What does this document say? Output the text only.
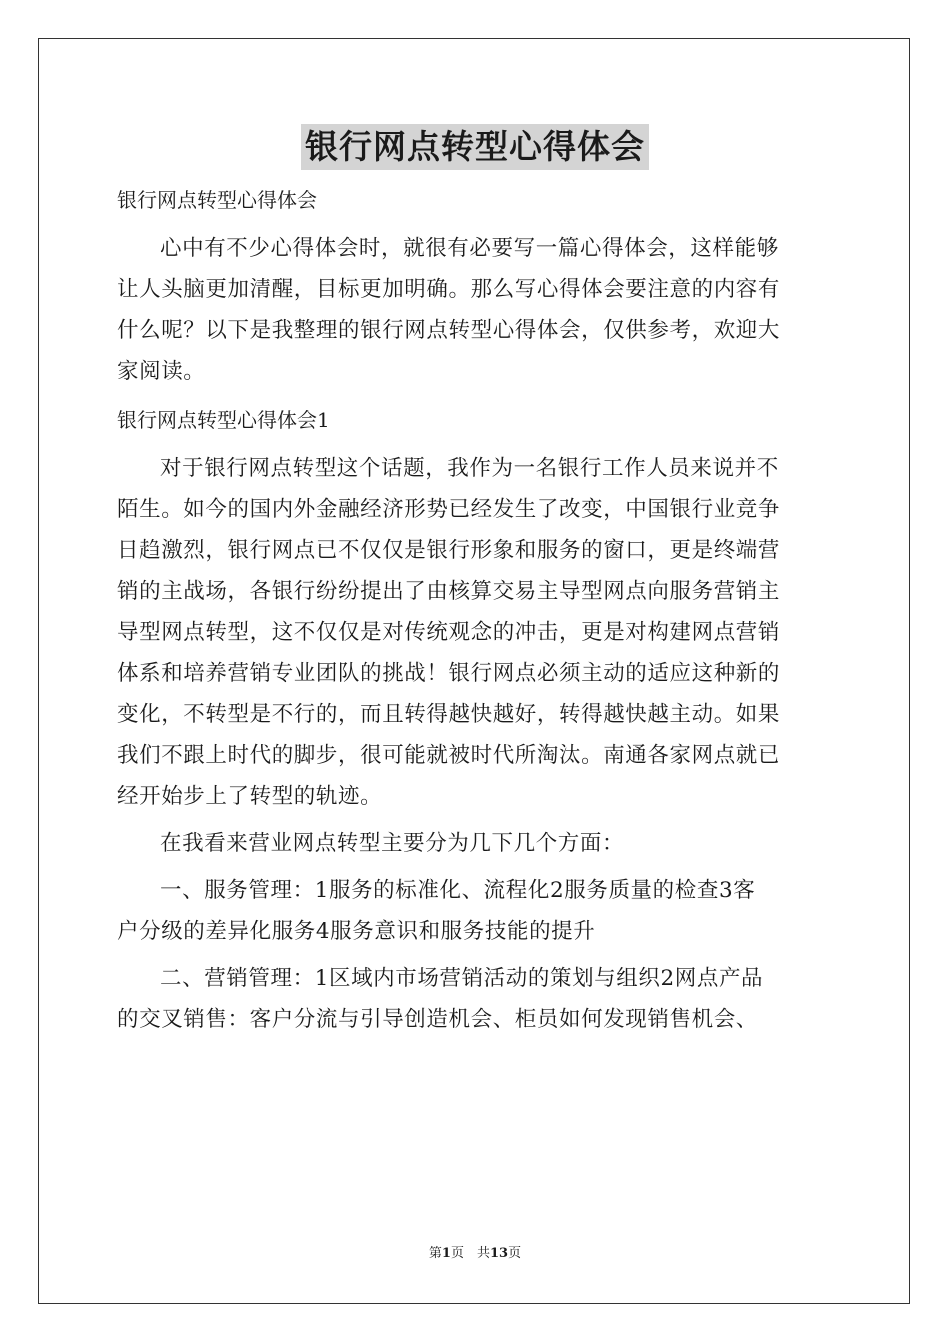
银行网点转型心得体会
银行网点转型心得体会
心中有不少心得体会时，就很有必要写一篇心得体会，这样能够
让人头脑更加清醒，目标更加明确。那么写心得体会要注意的内容有
什么呢？以下是我整理的银行网点转型心得体会，仅供参考，欢迎大
家阅读。
银行网点转型心得体会1
对于银行网点转型这个话题，我作为一名银行工作人员来说并不
陌生。如今的国内外金融经济形势已经发生了改变，中国银行业竞争
日趋激烈，银行网点已不仅仅是银行形象和服务的窗口，更是终端营
销的主战场，各银行纷纷提出了由核算交易主导型网点向服务营销主
导型网点转型，这不仅仅是对传统观念的冲击，更是对构建网点营销
体系和培养营销专业团队的挑战！银行网点必须主动的适应这种新的
变化，不转型是不行的，而且转得越快越好，转得越快越主动。如果
我们不跟上时代的脚步，很可能就被时代所淘汰。南通各家网点就已
经开始步上了转型的轨迹。
在我看来营业网点转型主要分为几下几个方面：
一、服务管理：1服务的标准化、流程化2服务质量的检查3客
户分级的差异化服务4服务意识和服务技能的提升
二、营销管理：1区域内市场营销活动的策划与组织2网点产品
的交叉销售：客户分流与引导创造机会、柜员如何发现销售机会、
第1页　共13页
